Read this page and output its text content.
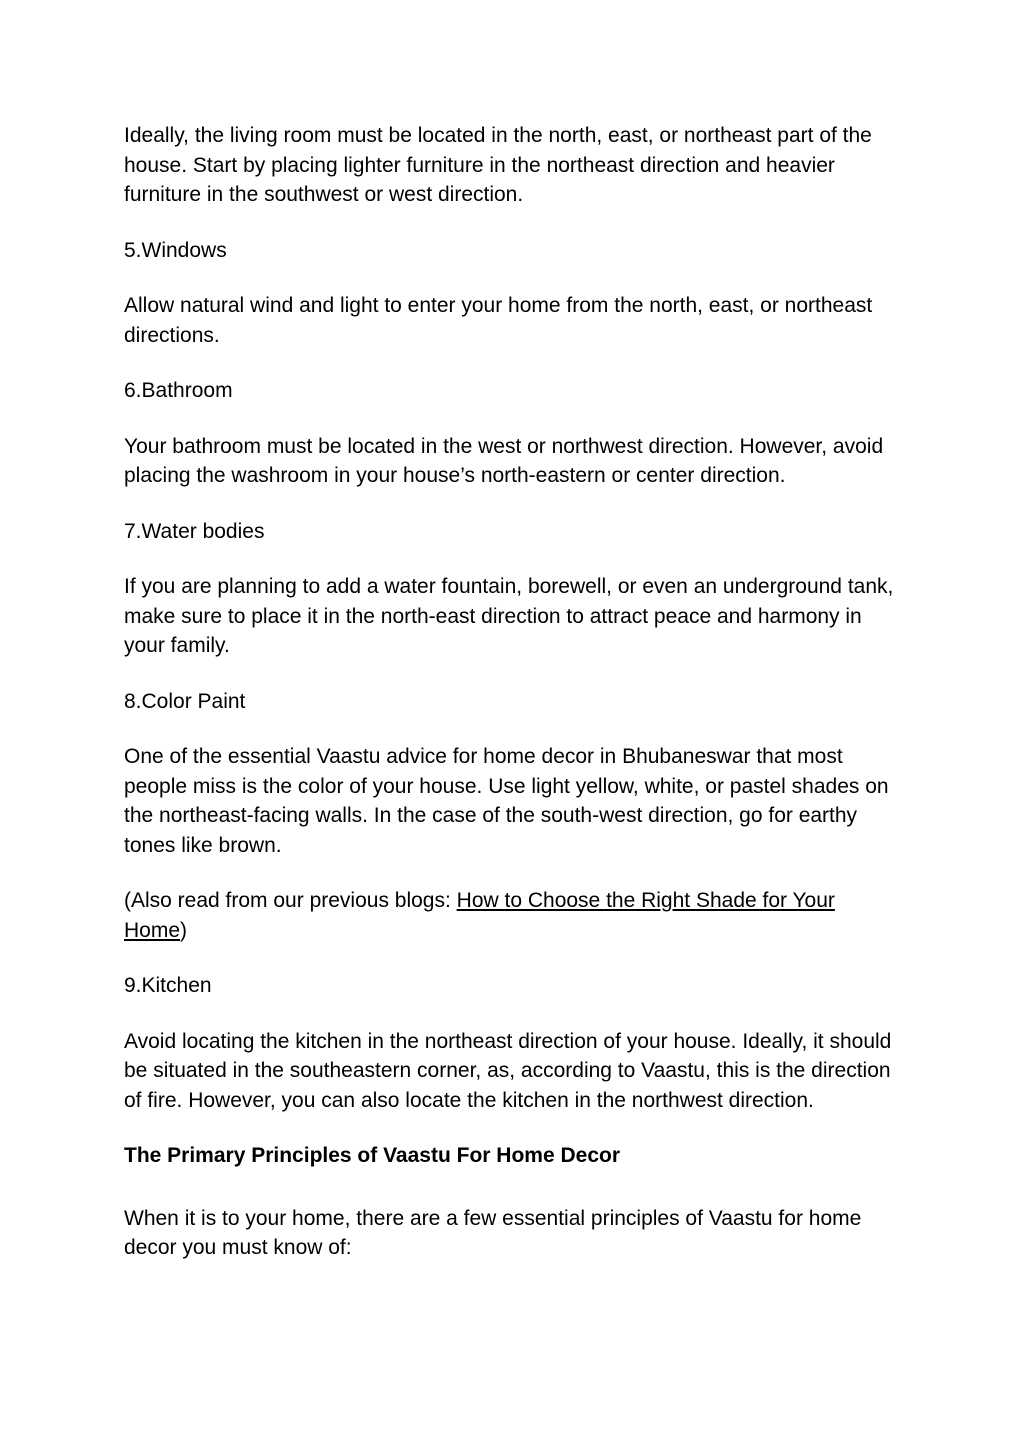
Ideally, the living room must be located in the north, east, or northeast part of the house. Start by placing lighter furniture in the northeast direction and heavier furniture in the southwest or west direction.

5.Windows

Allow natural wind and light to enter your home from the north, east, or northeast directions.

6.Bathroom

Your bathroom must be located in the west or northwest direction. However, avoid placing the washroom in your house’s north-eastern or center direction.

7.Water bodies

If you are planning to add a water fountain, borewell, or even an underground tank, make sure to place it in the north-east direction to attract peace and harmony in your family.

8.Color Paint

One of the essential Vaastu advice for home decor in Bhubaneswar that most people miss is the color of your house. Use light yellow, white, or pastel shades on the northeast-facing walls. In the case of the south-west direction, go for earthy tones like brown.

(Also read from our previous blogs: How to Choose the Right Shade for Your Home)

9.Kitchen

Avoid locating the kitchen in the northeast direction of your house. Ideally, it should be situated in the southeastern corner, as, according to Vaastu, this is the direction of fire. However, you can also locate the kitchen in the northwest direction.

The Primary Principles of Vaastu For Home Decor

When it is to your home, there are a few essential principles of Vaastu for home decor you must know of:
